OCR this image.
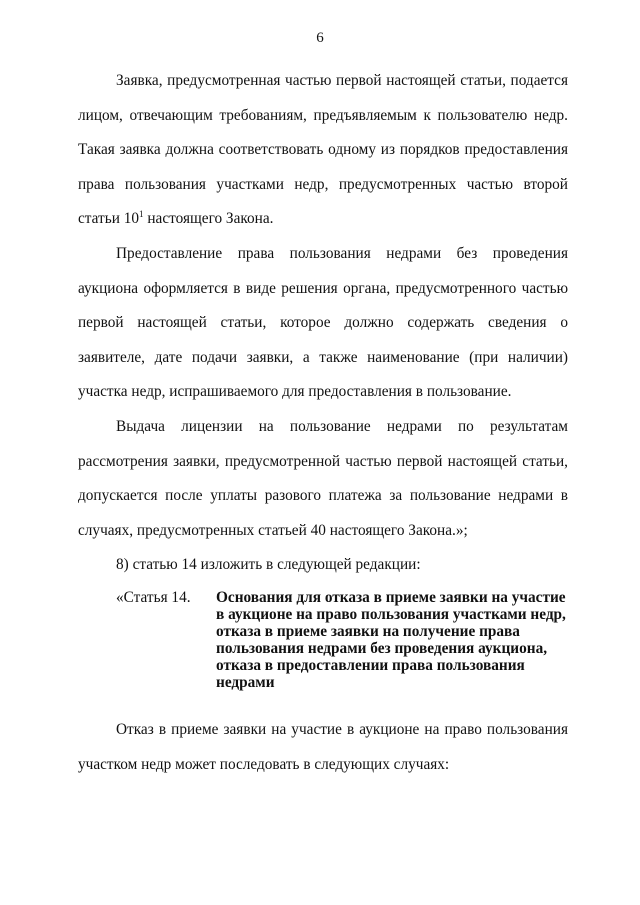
6

Заявка, предусмотренная частью первой настоящей статьи, подается лицом, отвечающим требованиям, предъявляемым к пользователю недр. Такая заявка должна соответствовать одному из порядков предоставления права пользования участками недр, предусмотренных частью второй статьи $10^1$ настоящего Закона.

Предоставление права пользования недрами без проведения аукциона оформляется в виде решения органа, предусмотренного частью первой настоящей статьи, которое должно содержать сведения о заявителе, дате подачи заявки, а также наименование (при наличии) участка недр, испрашиваемого для предоставления в пользование.

Выдача лицензии на пользование недрами по результатам рассмотрения заявки, предусмотренной частью первой настоящей статьи, допускается после уплаты разового платежа за пользование недрами в случаях, предусмотренных статьей 40 настоящего Закона.»;

8) статью 14 изложить в следующей редакции:

«Статья 14.	Основания для отказа в приеме заявки на участие в аукционе на право пользования участками недр, отказа в приеме заявки на получение права пользования недрами без проведения аукциона, отказа в предоставлении права пользования недрами

Отказ в приеме заявки на участие в аукционе на право пользования участком недр может последовать в следующих случаях:
